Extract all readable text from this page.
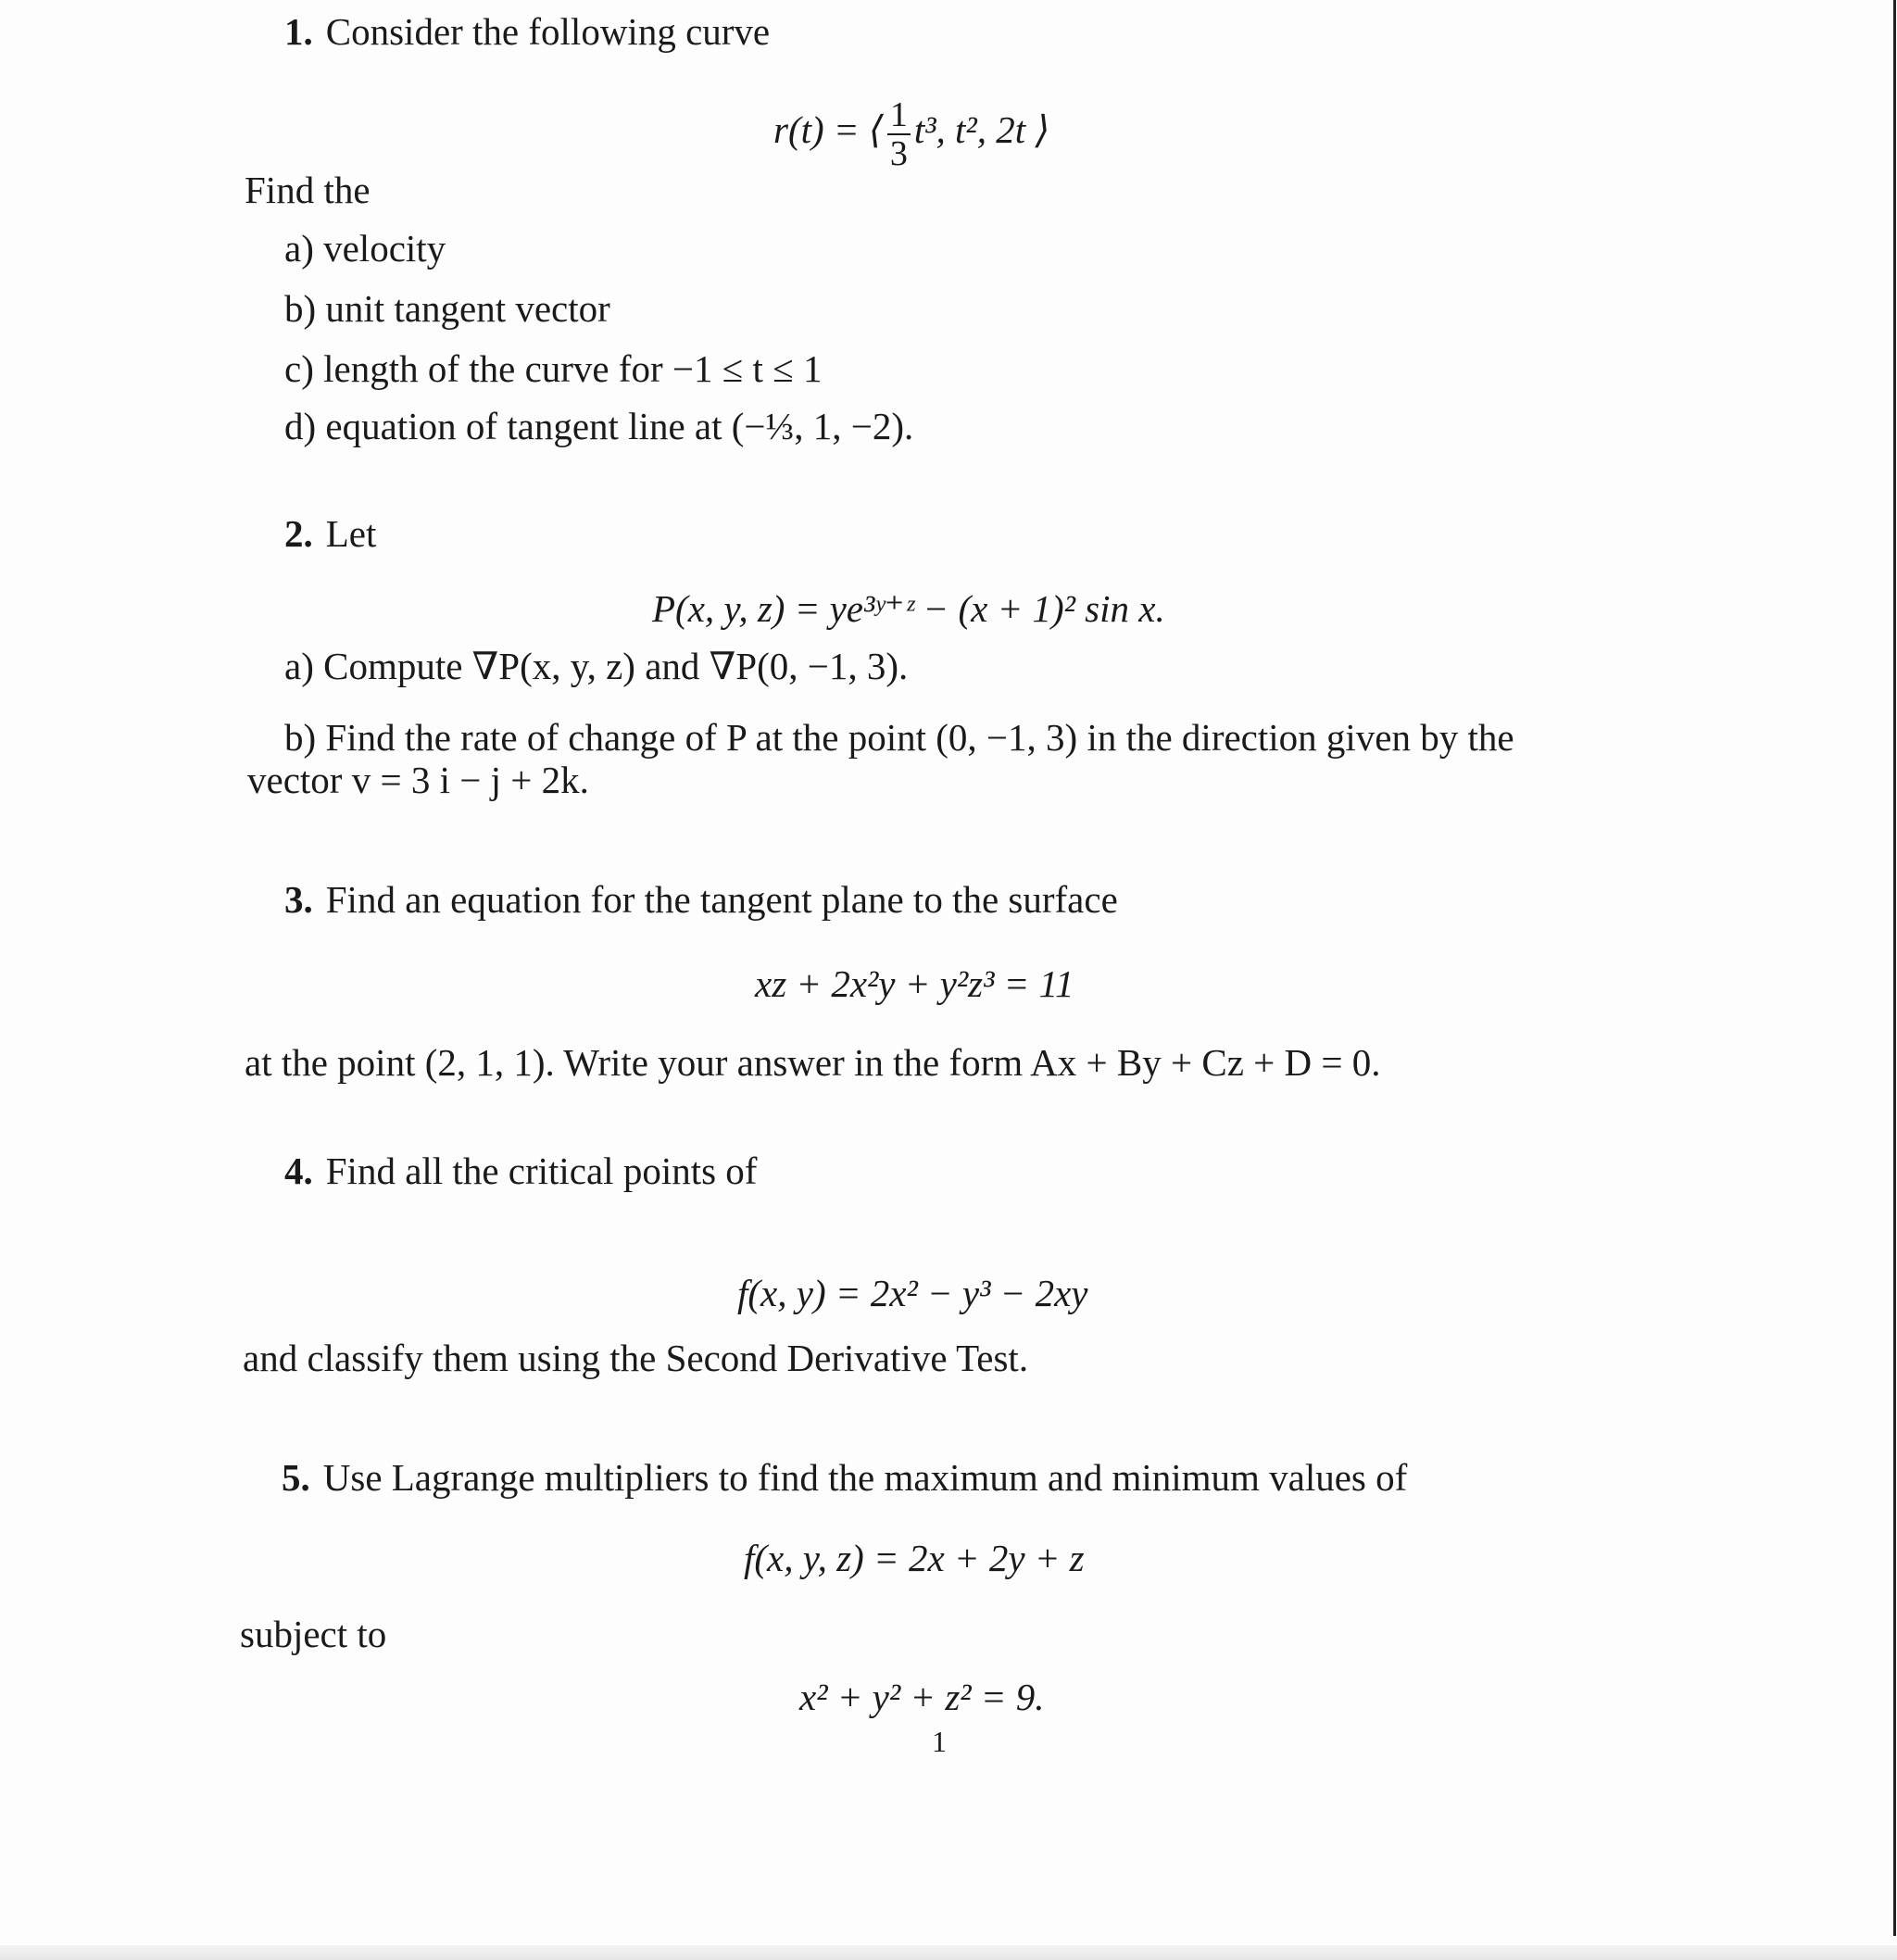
1. Consider the following curve
r(t) = ⟨ $\frac{1}{3} t^3$, t², 2t ⟩
Find the
a) velocity
b) unit tangent vector
c) length of the curve for −1 ≤ t ≤ 1
d) equation of tangent line at (−⅓, 1, −2).
2. Let
P(x, y, z) = ye³ʸ⁺ᶻ − (x + 1)² sin x.
a) Compute ∇P(x, y, z) and ∇P(0, −1, 3).
b) Find the rate of change of P at the point (0, −1, 3) in the direction given by the
vector v = 3 i − j + 2k.
3. Find an equation for the tangent plane to the surface
xz + 2x²y + y²z³ = 11
at the point (2, 1, 1). Write your answer in the form Ax + By + Cz + D = 0.
4. Find all the critical points of
f(x, y) = 2x² − y³ − 2xy
and classify them using the Second Derivative Test.
5. Use Lagrange multipliers to find the maximum and minimum values of
f(x, y, z) = 2x + 2y + z
subject to
x² + y² + z² = 9.
1
